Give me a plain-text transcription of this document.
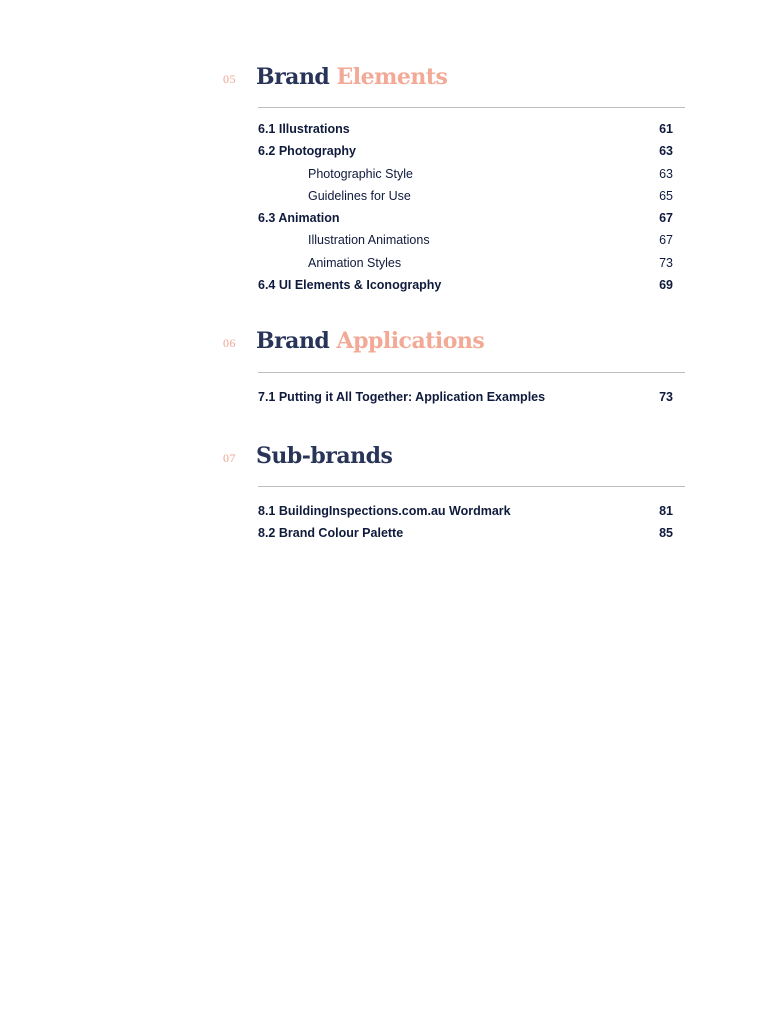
05 Brand Elements
6.1 Illustrations	61
6.2 Photography	63
Photographic Style	63
Guidelines for Use	65
6.3 Animation	67
Illustration Animations	67
Animation Styles	73
6.4 UI Elements & Iconography	69
06 Brand Applications
7.1 Putting it All Together: Application Examples	73
07 Sub-brands
8.1 BuildingInspections.com.au Wordmark	81
8.2 Brand Colour Palette	85
